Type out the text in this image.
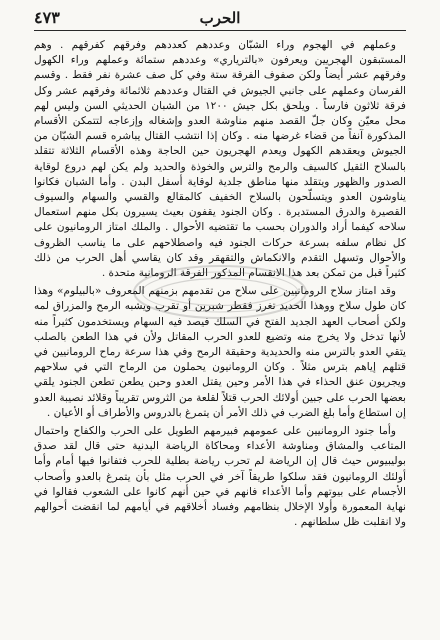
٤٧٣	الحرب

وعملهم في الهجوم وراء الشبّان وعددهم كعددهم وفرقهم كفرقهم . وهم المستبقون الهجريين ويعرفون «بالترياري» وعددهم ستمائة وعملهم وراء الكهول وفرقهم عشر أيضاً ولكن صفوف الفرقة ستة وفي كل صف عشرة نفر فقط . وقسم الفرسان وعملهم على جانبي الجيوش في القتال وعددهم ثلاثمائة وفرقهم عشر وكل فرقة ثلاثون فارساً . ويلحق بكل جيش ١٢٠٠ من الشبان الحديثي السن وليس لهم محل معيّن وكان جلّ القصد منهم مناوشة العدو وإشغاله وإزعاجه لتتمكن الأقسام المذكورة آنفاً من قضاء غرضها منه . وكان إذا انتشب القتال يباشره قسم الشبّان من الجيوش ويعقدهم الكهول ويعدم الهجريون حين الحاجة وهذه الأقسام الثلاثة تتقلد بالسلاح الثقيل كالسيف والرمح والترس والخوذة والحديد ولم يكن لهم دروع لوقاية الصدور والظهور ويتقلد منها مناطق جلدية لوقاية أسفل البدن . وأما الشبان فكانوا يناوشون العدو ويتسلّحون بالسلاح الخفيف كالمقالع والقسي والسهام والسيوف القصيرة والدرق المستديرة . وكان الجنود يقفون بعيث يسيرون بكل منهم استعمال سلاحه كيفما أراد والدوران بحسب ما تقتضيه الأحوال . والملك امتاز الرومانيون على كل نظام سلفه بسرعة حركات الجنود فيه واصطلاحهم على ما يناسب الظروف والأحوال وتسهل التقدم والانكماش والتقهقر وقد كان يقاسي أهل الحرب من ذلك كثيراً قبل من تمكن بعد هذا الانقسام المذكور الفرقة الرومانية متحدة .

وقد امتاز سلاح الرومانيين على سلاح من تقدمهم بزمنهم المعروف «بالبيلوم» وهذا كان طول سلاح ووهذا الحديد تغرز فقطر شبرين أو تقرب ويشبه الرمح والمزراق لمه ولكن أصحاب العهد الجديد الفتح في السلك فيصد فيه السهام ويستخدمون كثيراً منه لأنها تدخل ولا يخرج منه وتضيع للعدو الحرب المقاتل ولأن في هذا الطعن بالصلب يتقي العدو بالترس منه والحديدية وحقيقة الرمح وفي هذا سرعة رماح الرومانيين في قتلهم إياهم بترس مثلاً . وكان الرومانيون يحملون من الرماح التي في سلاحهم ويجريون عنق الحذاء في هذا الأمر وحين يقتل العدو وحين يطعن تطعن الجنود يلقي بعضها الحرب على جبين أولائك الحرب قتلاً لقلعة من الثروس تقريباً وقلائد نصيبة العدو إن استطاع وأما بلغ الضرب في ذلك الأمر أن يتمرغ بالدروس والأطراف أو الأعيان .

وأما جنود الرومانيين على عمومهم فبيرمهم الطويل على الحرب والكفاح واحتمال المتاعب والمشاق ومناوشة الأعداء ومحاكاة الرياضة البدنية حتى قال لقد صدق بوليبيوس حيث قال إن الرياضة لم تحرب رياضة بطلية للحرب فتفانوا فيها أمام وأما أولئك الرومانيون فقد سلكوا طريقاً آخر في الحرب مثل بأن يتمرغ بالعدو وأصحاب الأجسام على بيوتهم وأما الأعداء فانهم في حين أنهم كانوا على الشعوب فقالوا في نهاية المعمورة وأولا الإخلال بنظامهم وفساد أخلاقهم في أيامهم لما انقضت أحوالهم ولا انقلبت ظل سلطانهم .
